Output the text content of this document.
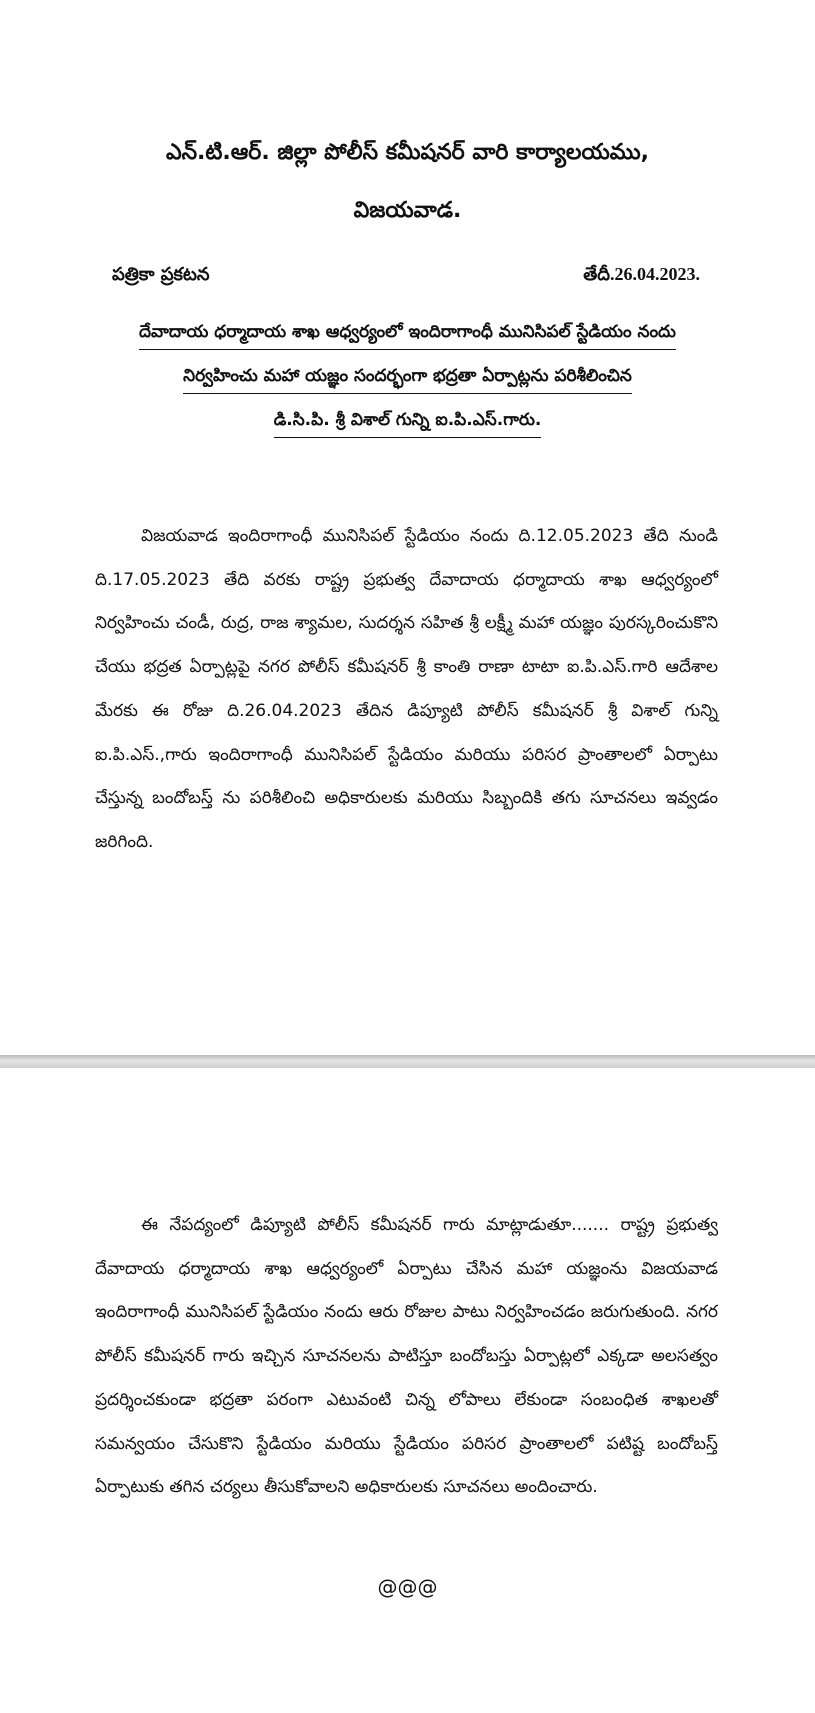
ఎన్.టి.ఆర్. జిల్లా పోలీస్ కమీషనర్ వారి కార్యాలయము,
విజయవాడ.
పత్రికా ప్రకటన	తేదీ.26.04.2023.
దేవాదాయ ధర్మాదాయ శాఖ ఆధ్వర్యంలో ఇందిరాగాంధీ మునిసిపల్ స్టేడియం నందు
నిర్వహించు మహా యజ్ఞం సందర్భంగా భద్రతా ఏర్పాట్లను పరిశీలించిన
డి.సి.పి. శ్రీ విశాల్ గున్ని ఐ.పి.ఎస్.గారు.

విజయవాడ ఇందిరాగాంధీ మునిసిపల్ స్టేడియం నందు ది.12.05.2023 తేది నుండి ది.17.05.2023 తేది వరకు రాష్ట్ర ప్రభుత్వ దేవాదాయ ధర్మాదాయ శాఖ ఆధ్వర్యంలో నిర్వహించు చండీ, రుద్ర, రాజ శ్యామల, సుదర్శన సహిత శ్రీ లక్ష్మీ మహా యజ్ఞం పురస్కరించుకొని చేయు భద్రత ఏర్పాట్లపై నగర పోలీస్ కమీషనర్ శ్రీ కాంతి రాణా టాటా ఐ.పి.ఎస్.గారి ఆదేశాల మేరకు ఈ రోజు ది.26.04.2023 తేదిన డిప్యూటి పోలీస్ కమీషనర్ శ్రీ విశాల్ గున్ని ఐ.పి.ఎస్.,గారు ఇందిరాగాంధీ మునిసిపల్ స్టేడియం మరియు పరిసర ప్రాంతాలలో ఏర్పాటు చేస్తున్న బందోబస్త్ ను పరిశీలించి అధికారులకు మరియు సిబ్బందికి తగు సూచనలు ఇవ్వడం జరిగింది.

ఈ నేపద్యంలో డిప్యూటి పోలీస్ కమీషనర్ గారు మాట్లాడుతూ....... రాష్ట్ర ప్రభుత్వ దేవాదాయ ధర్మాదాయ శాఖ ఆధ్వర్యంలో ఏర్పాటు చేసిన మహా యజ్ఞంను విజయవాడ ఇందిరాగాంధీ మునిసిపల్ స్టేడియం నందు ఆరు రోజుల పాటు నిర్వహించడం జరుగుతుంది. నగర పోలీస్ కమీషనర్ గారు ఇచ్చిన సూచనలను పాటిస్తూ బందోబస్తు ఏర్పాట్లలో ఎక్కడా అలసత్వం ప్రదర్శించకుండా భద్రతా పరంగా ఎటువంటి చిన్న లోపాలు లేకుండా సంబంధిత శాఖలతో సమన్వయం చేసుకొని స్టేడియం మరియు స్టేడియం పరిసర ప్రాంతాలలో పటిష్ట బందోబస్త్ ఏర్పాటుకు తగిన చర్యలు తీసుకోవాలని అధికారులకు సూచనలు అందించారు.

@@@
